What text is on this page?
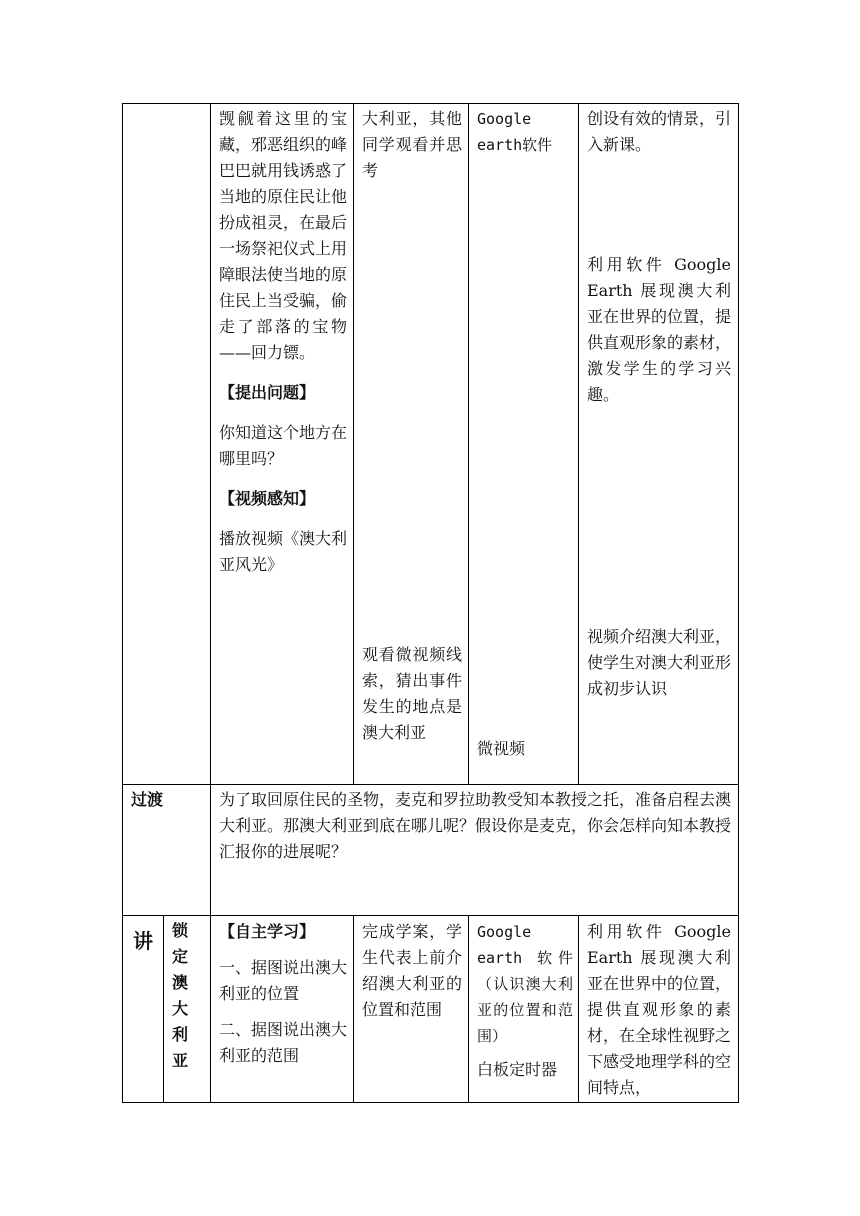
觊觎着这里的宝藏，邪恶组织的峰巴巴就用钱诱惑了当地的原住民让他扮成祖灵，在最后一场祭祀仪式上用障眼法使当地的原住民上当受骗，偷走了部落的宝物——回力镖。

【提出问题】

你知道这个地方在哪里吗？

【视频感知】

播放视频《澳大利亚风光》

大利亚，其他同学观看并思考

观看微视频线索，猜出事件发生的地点是澳大利亚

Google earth软件

微视频

创设有效的情景，引入新课。

利用软件 Google Earth 展现澳大利亚在世界的位置，提供直观形象的素材，激发学生的学习兴趣。

视频介绍澳大利亚，使学生对澳大利亚形成初步认识

过渡	为了取回原住民的圣物，麦克和罗拉助教受知本教授之托，准备启程去澳大利亚。那澳大利亚到底在哪儿呢？假设你是麦克，你会怎样向知本教授汇报你的进展呢？

讲	锁定澳大利亚

【自主学习】

一、据图说出澳大利亚的位置

二、据图说出澳大利亚的范围

完成学案，学生代表上前介绍澳大利亚的位置和范围

Google earth 软件（认识澳大利亚的位置和范围）

白板定时器

利用软件 Google Earth 展现澳大利亚在世界中的位置，提供直观形象的素材，在全球性视野之下感受地理学科的空间特点，
